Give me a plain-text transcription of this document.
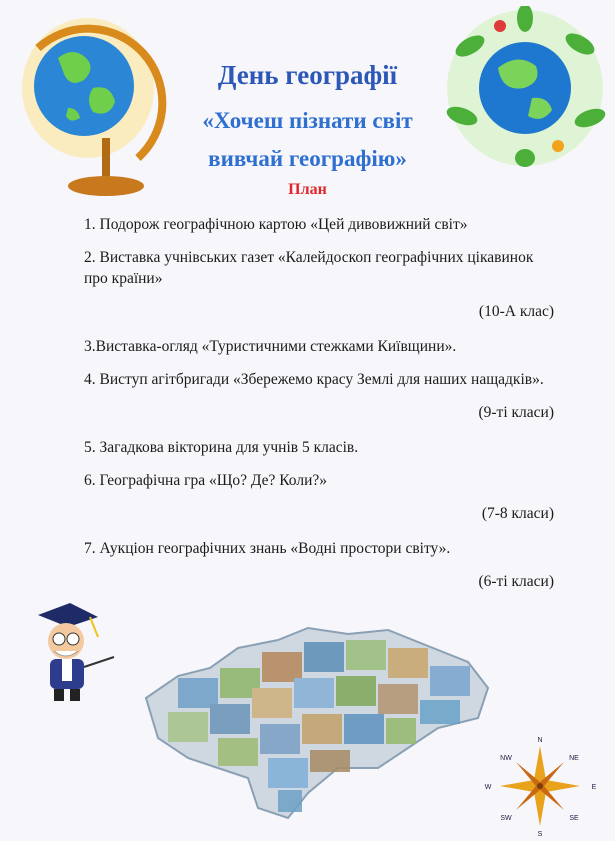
День географії
«Хочеш пізнати світ
вивчай географію»
План

1. Подорож географічною картою «Цей дивовижний світ»

2. Виставка учнівських газет «Калейдоскоп географічних цікавинок про країни»

(10-А клас)

3.Виставка-огляд «Туристичними стежками Київщини».

4. Виступ агітбригади «Збережемо красу Землі для наших нащадків».

(9-ті класи)

5. Загадкова вікторина для учнів 5 класів.

6. Географічна гра «Що? Де? Коли?»

(7-8 класи)

7. Аукціон географічних знань «Водні простори світу».

(6-ті класи)

N
S
E
W
NE
NW
SE
SW
